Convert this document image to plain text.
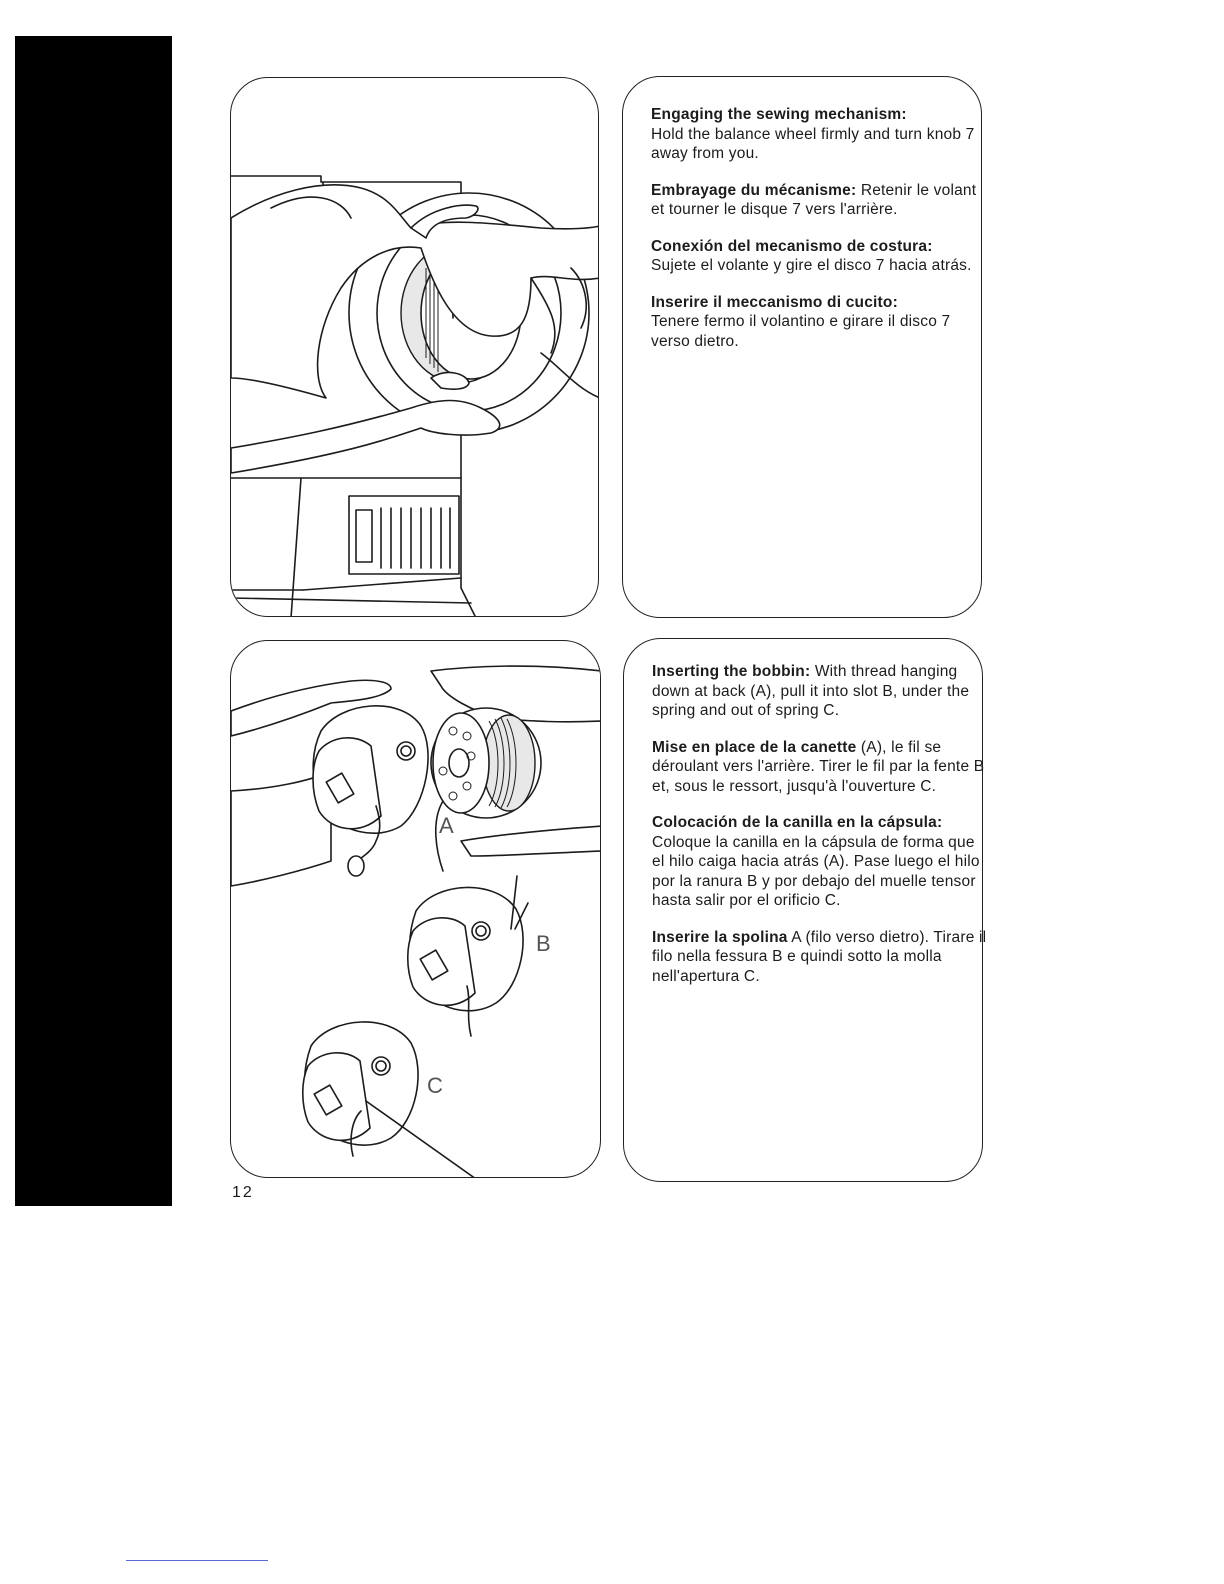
Engaging the sewing mechanism:
Hold the balance wheel firmly and turn knob 7 away from you.

Embrayage du mécanisme: Retenir le volant et tourner le disque 7 vers l'arrière.

Conexión del mecanismo de costura:
Sujete el volante y gire el disco 7 hacia atrás.

Inserire il meccanismo di cucito:
Tenere fermo il volantino e girare il disco 7 verso dietro.

A
B
C

Inserting the bobbin: With thread hanging down at back (A), pull it into slot B, under the spring and out of spring C.

Mise en place de la canette (A), le fil se déroulant vers l'arrière. Tirer le fil par la fente B et, sous le ressort, jusqu'à l'ouverture C.

Colocación de la canilla en la cápsula:
Coloque la canilla en la cápsula de forma que el hilo caiga hacia atrás (A). Pase luego el hilo por la ranura B y por debajo del muelle tensor hasta salir por el orificio C.

Inserire la spolina A (filo verso dietro). Tirare il filo nella fessura B e quindi sotto la molla nell'apertura C.

12
